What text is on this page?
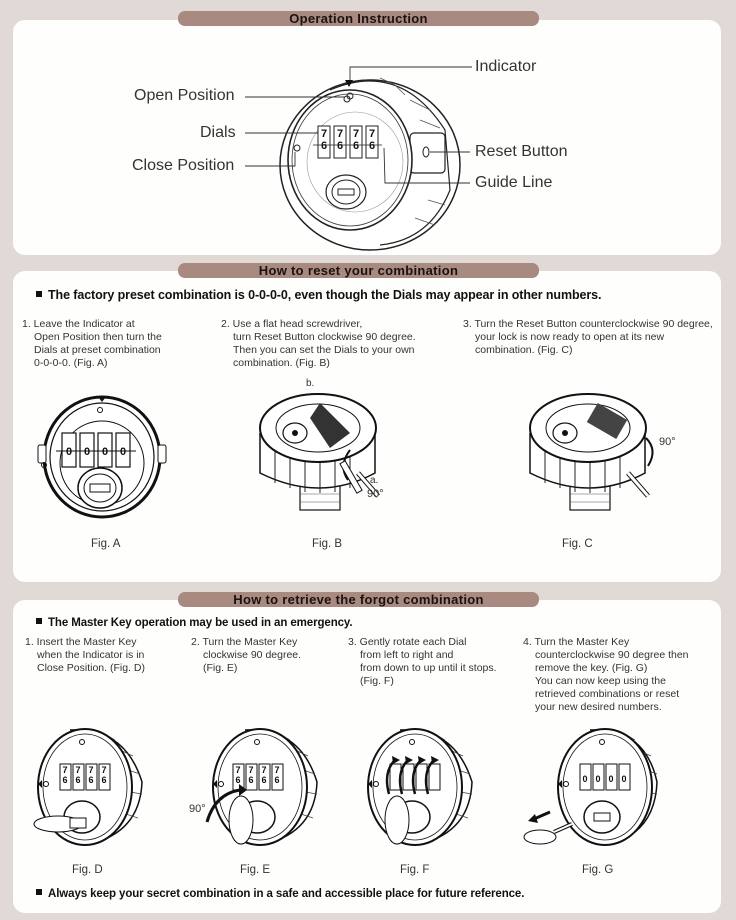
Operation Instruction
7 7 7 7
6 6 6 6
Indicator
Open Position
Dials
Close Position
Reset Button
Guide Line
How to reset your combination
The factory preset combination is 0-0-0-0, even though the Dials may appear in other numbers.
1. Leave the Indicator at
Open Position then turn the
Dials at preset combination
0-0-0-0. (Fig. A)
2. Use a flat head screwdriver,
turn Reset Button clockwise 90 degree.
Then you can set the Dials to your own
combination. (Fig. B)
3. Turn the Reset Button counterclockwise 90 degree,
your lock is now ready to open at its new
combination. (Fig. C)
0 0 0 0
b.
a.
90°
90°
Fig. A	Fig. B	Fig. C
How to retrieve the forgot combination
The Master Key operation may be used in an emergency.
1. Insert the Master Key
when the Indicator is in
Close Position. (Fig. D)
2. Turn the Master Key
clockwise 90 degree.
(Fig. E)
3. Gently rotate each Dial
from left to right and
from down to up until it stops.
(Fig. F)
4. Turn the Master Key
counterclockwise 90 degree then
remove the key. (Fig. G)
You can now keep using the
retrieved combinations or reset
your new desired numbers.
7 7 7 7
6 6 6 6
7 7 7 7
6 6 6 6
90°
0 0 0 0
Fig. D	Fig. E	Fig. F	Fig. G
Always keep your secret combination in a safe and accessible place for future reference.
